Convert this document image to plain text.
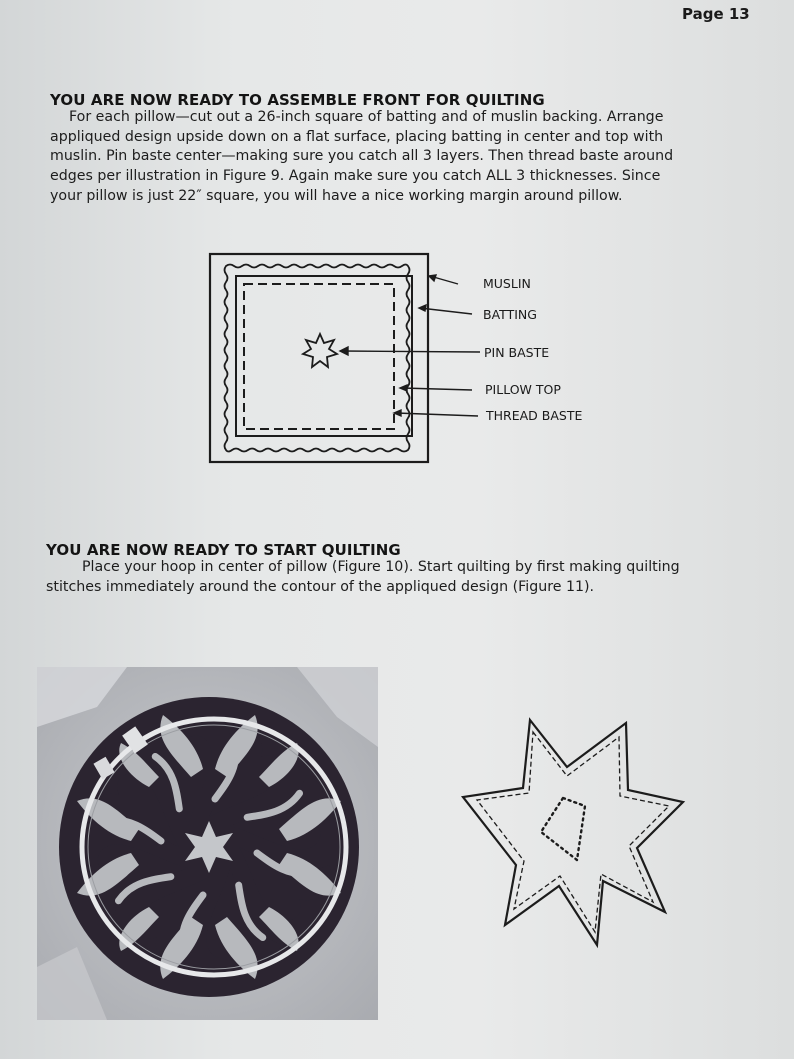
Page 13
YOU ARE NOW READY TO ASSEMBLE FRONT FOR QUILTING
For each pillow—cut out a 26-inch square of batting and of muslin backing. Arrange
appliqued design upside down on a flat surface, placing batting in center and top with
muslin. Pin baste center—making sure you catch all 3 layers. Then thread baste around
edges per illustration in Figure 9. Again make sure you catch ALL 3 thicknesses. Since
your pillow is just 22″ square, you will have a nice working margin around pillow.
MUSLIN
BATTING
PIN BASTE
PILLOW TOP
THREAD BASTE
YOU ARE NOW READY TO START QUILTING
Place your hoop in center of pillow (Figure 10). Start quilting by first making quilting
stitches immediately around the contour of the appliqued design (Figure 11).
